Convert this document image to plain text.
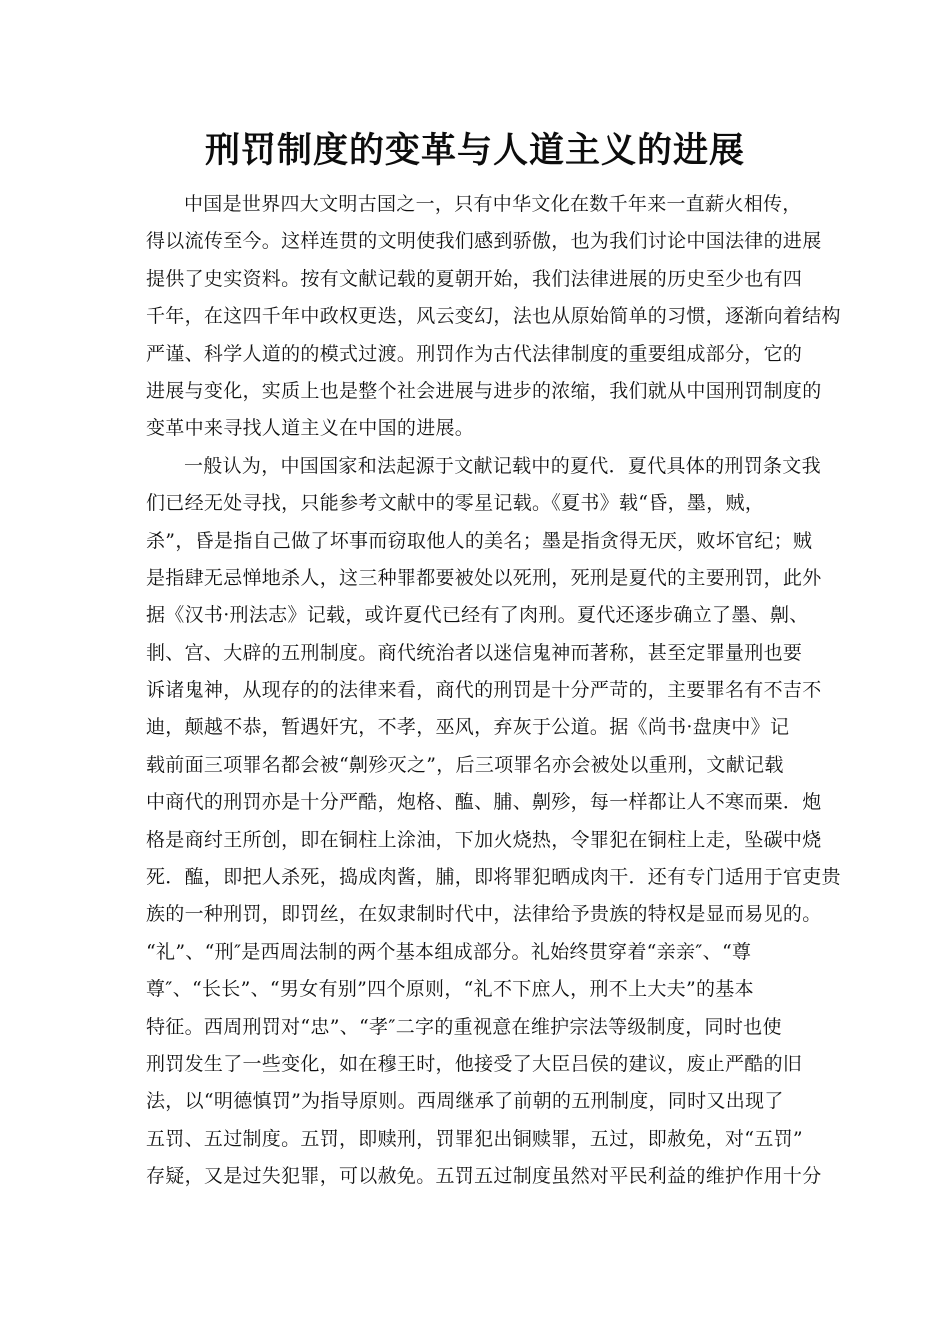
刑罚制度的变革与人道主义的进展
中国是世界四大文明古国之一，只有中华文化在数千年来一直薪火相传，
得以流传至今。这样连贯的文明使我们感到骄傲，也为我们讨论中国法律的进展
提供了史实资料。按有文献记载的夏朝开始，我们法律进展的历史至少也有四
千年，在这四千年中政权更迭，风云变幻，法也从原始简单的习惯，逐渐向着结构
严谨、科学人道的的模式过渡。刑罚作为古代法律制度的重要组成部分，它的
进展与变化，实质上也是整个社会进展与进步的浓缩，我们就从中国刑罚制度的
变革中来寻找人道主义在中国的进展。
一般认为，中国国家和法起源于文献记载中的夏代．夏代具体的刑罚条文我
们已经无处寻找，只能参考文献中的零星记载。《夏书》载“昏，墨，贼，
杀”，昏是指自己做了坏事而窃取他人的美名；墨是指贪得无厌，败坏官纪；贼
是指肆无忌惮地杀人，这三种罪都要被处以死刑，死刑是夏代的主要刑罚，此外
据《汉书·刑法志》记载，或许夏代已经有了肉刑。夏代还逐步确立了墨、劓、
剕、宫、大辟的五刑制度。商代统治者以迷信鬼神而著称，甚至定罪量刑也要
诉诸鬼神，从现存的的法律来看，商代的刑罚是十分严苛的，主要罪名有不吉不
迪，颠越不恭，暂遇奸宄，不孝，巫风，弃灰于公道。据《尚书·盘庚中》记
载前面三项罪名都会被“劓殄灭之”，后三项罪名亦会被处以重刑，文献记载
中商代的刑罚亦是十分严酷，炮格、醢、脯、劓殄，每一样都让人不寒而栗．炮
格是商纣王所创，即在铜柱上涂油，下加火烧热，令罪犯在铜柱上走，坠碳中烧
死．醢，即把人杀死，捣成肉酱，脯，即将罪犯晒成肉干．还有专门适用于官吏贵
族的一种刑罚，即罚丝，在奴隶制时代中，法律给予贵族的特权是显而易见的。
“礼”、“刑″是西周法制的两个基本组成部分。礼始终贯穿着“亲亲″、“尊
尊″、“长长”、“男女有别”四个原则，“礼不下庶人，刑不上大夫”的基本
特征。西周刑罚对“忠”、“孝″二字的重视意在维护宗法等级制度，同时也使
刑罚发生了一些变化，如在穆王时，他接受了大臣吕侯的建议，废止严酷的旧
法，以“明德慎罚”为指导原则。西周继承了前朝的五刑制度，同时又出现了
五罚、五过制度。五罚，即赎刑，罚罪犯出铜赎罪，五过，即赦免，对“五罚”
存疑，又是过失犯罪，可以赦免。五罚五过制度虽然对平民利益的维护作用十分
